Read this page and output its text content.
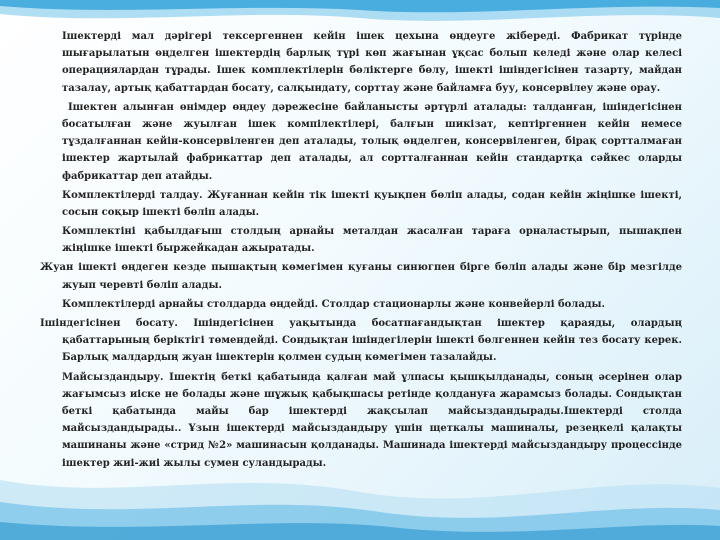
Ішектерді мал дәрігері тексергеннен кейін ішек цехына өңдеуге жібереді. Фабрикат түрінде шығарылатын өңделген ішектердің барлық түрі көп жағынан ұқсас болып келеді және олар келесі операциялардан тұрады. Ішек комплектілерін бөліктерге бөлу, ішекті ішіндегісінен тазарту, майдан тазалау, артық қабаттардан босату, салқындату, сорттау және байламға буу, консервілеу және орау.

Ішектен алынған өнімдер өңдеу дәрежесіне байланысты әртүрлі аталады: талданған, ішіндегісінен босатылған және жуылған ішек компілектілері, балғын шикізат, кептіргеннен кейін немесе тұздалғаннан кейін-консервіленген деп аталады, толық өңделген, консервіленген, бірақ сортталмаған ішектер жартылай фабрикаттар деп аталады, ал сортталғаннан кейін стандартқа сәйкес оларды фабрикаттар деп атайды.

Комплектілерді талдау. Жуғаннан кейін тік ішекті қуықпен бөліп алады, содан кейін жіңішке ішекті, сосын соқыр ішекті бөліп алады.

Комплектіні қабылдағыш столдың арнайы металдан жасалған тараға орналастырып, пышақпен жіңішке ішекті быржейкадан ажыратады.

Жуан ішекті өңдеген кезде пышақтың көмегімен қуғаны синюгпен бірге бөліп алады және бір мезгілде жуып черевті бөліп алады.

Комплектілерді арнайы столдарда өңдейді. Столдар стационарлы және конвейерлі болады.

Ішіндегісінен босату. Ішіндегісінен уақытында босатпағандықтан ішектер қараяды, олардың қабаттарының беріктігі төмендейді. Сондықтан ішіндегілерін ішекті бөлгеннен кейін тез босату керек. Барлық малдардың жуан ішектерін қолмен судың көмегімен тазалайды.

Майсыздандыру. Ішектің беткі қабатында қалған май ұлпасы қышқылданады, соның әсерінен олар жағымсыз иіске не болады және шұжық қабықшасы ретінде қолдануға жарамсыз болады. Сондықтан беткі қабатында майы бар ішектерді жақсылап майсыздандырады.Ішектерді столда майсыздандырады.. Ұзын ішектерді майсыздандыру үшін щеткалы машиналы, резеңкелі қалақты машинаны және «стрид №2» машинасын қолданады. Машинада ішектерді майсыздандыру процессінде ішектер жиі-жиі жылы сумен суландырады.
